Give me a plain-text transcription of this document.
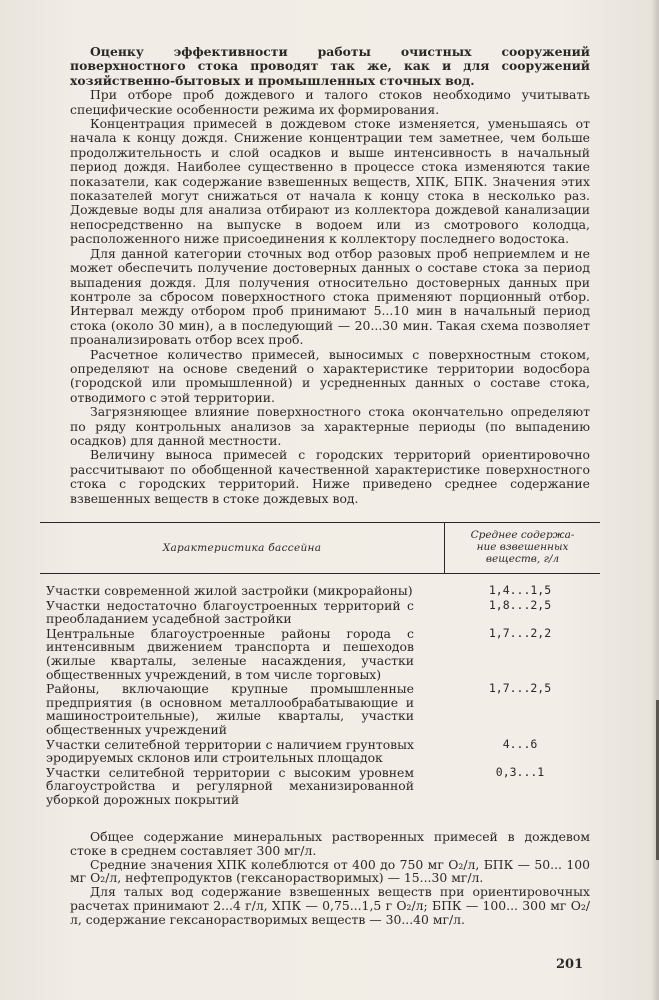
Оценку эффективности работы очистных сооружений поверхностного стока проводят так же, как и для сооружений хозяйственно-бытовых и промышленных сточных вод.

При отборе проб дождевого и талого стоков необходимо учитывать специфические особенности режима их формирования.

Концентрация примесей в дождевом стоке изменяется, уменьшаясь от начала к концу дождя. Снижение концентрации тем заметнее, чем больше продолжительность и слой осадков и выше интенсивность в начальный период дождя. Наиболее существенно в процессе стока изменяются такие показатели, как содержание взвешенных веществ, ХПК, БПК. Значения этих показателей могут снижаться от начала к концу стока в несколько раз. Дождевые воды для анализа отбирают из коллектора дождевой канализации непосредственно на выпуске в водоем или из смотрового колодца, расположенного ниже присоединения к коллектору последнего водостока.

Для данной категории сточных вод отбор разовых проб неприемлем и не может обеспечить получение достоверных данных о составе стока за период выпадения дождя. Для получения относительно достоверных данных при контроле за сбросом поверхностного стока применяют порционный отбор. Интервал между отбором проб принимают 5...10 мин в начальный период стока (около 30 мин), а в последующий — 20...30 мин. Такая схема позволяет проанализировать отбор всех проб.

Расчетное количество примесей, выносимых с поверхностным стоком, определяют на основе сведений о характеристике территории водосбора (городской или промышленной) и усредненных данных о составе стока, отводимого с этой территории.

Загрязняющее влияние поверхностного стока окончательно определяют по ряду контрольных анализов за характерные периоды (по выпадению осадков) для данной местности.

Величину выноса примесей с городских территорий ориентировочно рассчитывают по обобщенной качественной характеристике поверхностного стока с городских территорий. Ниже приведено среднее содержание взвешенных веществ в стоке дождевых вод.

Характеристика бассейна
Среднее содержа-
ние взвешенных
веществ, г/л
Участки современной жилой застройки (микрорайоны)	1,4...1,5
Участки недостаточно благоустроенных территорий с преобладанием усадебной застройки
1,8...2,5
Центральные благоустроенные районы города с интенсивным движением транспорта и пешеходов (жилые кварталы, зеленые насаждения, участки общественных учреждений, в том числе торговых)
1,7...2,2
Районы, включающие крупные промышленные предприятия (в основном металлообрабатывающие и машиностроительные), жилые кварталы, участки общественных учреждений
1,7...2,5
Участки селитебной территории с наличием грунтовых эродируемых склонов или строительных площадок
4...6
Участки селитебной территории с высоким уровнем благоустройства и регулярной механизированной уборкой дорожных покрытий
0,3...1

Общее содержание минеральных растворенных примесей в дождевом стоке в среднем составляет 300 мг/л.

Средние значения ХПК колеблются от 400 до 750 мг О₂/л, БПК — 50... 100 мг О₂/л, нефтепродуктов (гексанорастворимых) — 15...30 мг/л.

Для талых вод содержание взвешенных веществ при ориентировочных расчетах принимают 2...4 г/л, ХПК — 0,75...1,5 г О₂/л; БПК — 100... 300 мг О₂/л, содержание гексанорастворимых веществ — 30...40 мг/л.

201
